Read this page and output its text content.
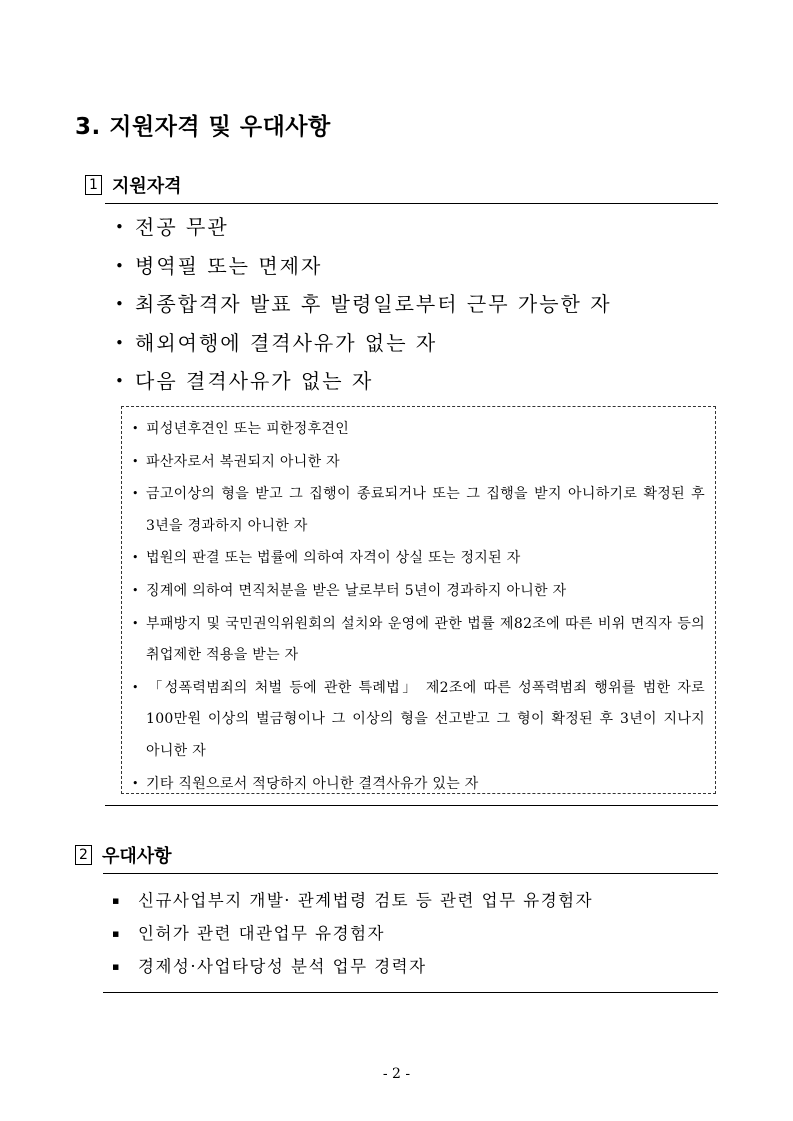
3. 지원자격 및 우대사항
1 지원자격
• 전공 무관
• 병역필 또는 면제자
• 최종합격자 발표 후 발령일로부터 근무 가능한 자
• 해외여행에 결격사유가 없는 자
• 다음 결격사유가 없는 자
• 피성년후견인 또는 피한정후견인
• 파산자로서 복권되지 아니한 자
• 금고이상의 형을 받고 그 집행이 종료되거나 또는 그 집행을 받지 아니하기로 확정된 후 3년을 경과하지 아니한 자
• 법원의 판결 또는 법률에 의하여 자격이 상실 또는 정지된 자
• 징계에 의하여 면직처분을 받은 날로부터 5년이 경과하지 아니한 자
• 부패방지 및 국민권익위원회의 설치와 운영에 관한 법률 제82조에 따른 비위 면직자 등의 취업제한 적용을 받는 자
• 「성폭력범죄의 처벌 등에 관한 특례법」 제2조에 따른 성폭력범죄 행위를 범한 자로 100만원 이상의 벌금형이나 그 이상의 형을 선고받고 그 형이 확정된 후 3년이 지나지 아니한 자
• 기타 직원으로서 적당하지 아니한 결격사유가 있는 자
2 우대사항
▪ 신규사업부지 개발· 관계법령 검토 등 관련 업무 유경험자
▪ 인허가 관련 대관업무 유경험자
▪ 경제성·사업타당성 분석 업무 경력자
- 2 -
